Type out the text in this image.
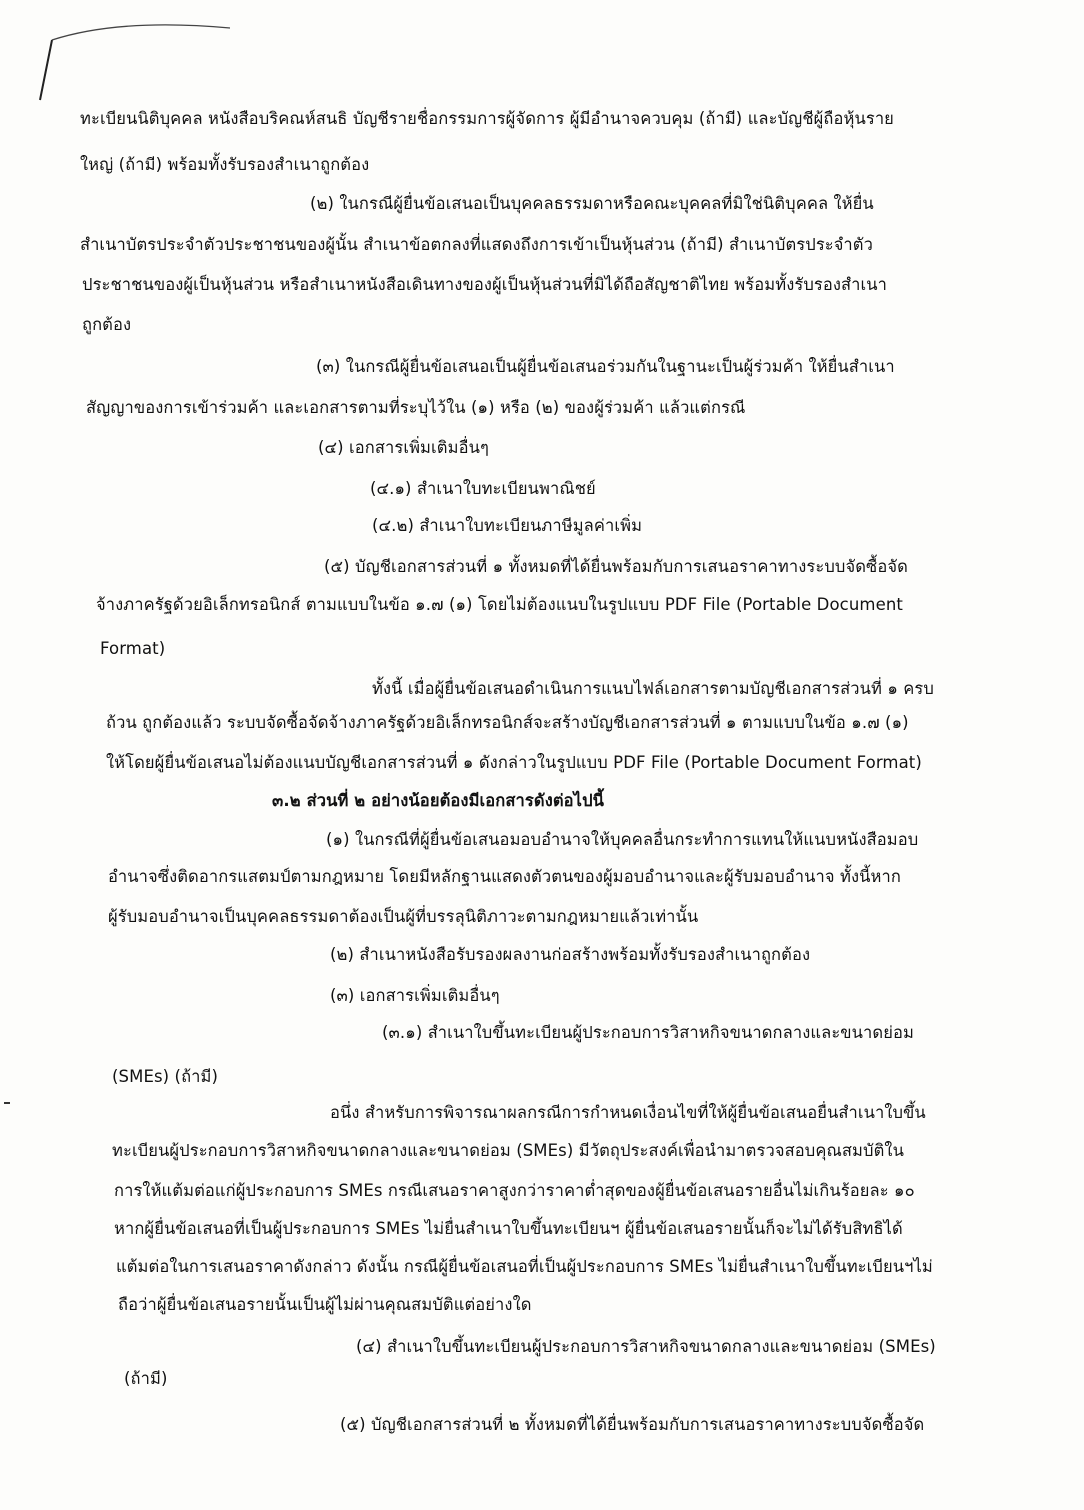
ทะเบียนนิติบุคคล หนังสือบริคณห์สนธิ บัญชีรายชื่อกรรมการผู้จัดการ ผู้มีอำนาจควบคุม (ถ้ามี) และบัญชีผู้ถือหุ้นราย
ใหญ่ (ถ้ามี) พร้อมทั้งรับรองสำเนาถูกต้อง
(๒) ในกรณีผู้ยื่นข้อเสนอเป็นบุคคลธรรมดาหรือคณะบุคคลที่มิใช่นิติบุคคล ให้ยื่น
สำเนาบัตรประจำตัวประชาชนของผู้นั้น สำเนาข้อตกลงที่แสดงถึงการเข้าเป็นหุ้นส่วน (ถ้ามี) สำเนาบัตรประจำตัว
ประชาชนของผู้เป็นหุ้นส่วน หรือสำเนาหนังสือเดินทางของผู้เป็นหุ้นส่วนที่มิได้ถือสัญชาติไทย พร้อมทั้งรับรองสำเนา
ถูกต้อง
(๓) ในกรณีผู้ยื่นข้อเสนอเป็นผู้ยื่นข้อเสนอร่วมกันในฐานะเป็นผู้ร่วมค้า ให้ยื่นสำเนา
สัญญาของการเข้าร่วมค้า และเอกสารตามที่ระบุไว้ใน (๑) หรือ (๒) ของผู้ร่วมค้า แล้วแต่กรณี
(๔) เอกสารเพิ่มเติมอื่นๆ
(๔.๑) สำเนาใบทะเบียนพาณิชย์
(๔.๒) สำเนาใบทะเบียนภาษีมูลค่าเพิ่ม
(๕) บัญชีเอกสารส่วนที่ ๑ ทั้งหมดที่ได้ยื่นพร้อมกับการเสนอราคาทางระบบจัดซื้อจัด
จ้างภาครัฐด้วยอิเล็กทรอนิกส์ ตามแบบในข้อ ๑.๗ (๑) โดยไม่ต้องแนบในรูปแบบ PDF File (Portable Document
Format)
ทั้งนี้ เมื่อผู้ยื่นข้อเสนอดำเนินการแนบไฟล์เอกสารตามบัญชีเอกสารส่วนที่ ๑ ครบ
ถ้วน ถูกต้องแล้ว ระบบจัดซื้อจัดจ้างภาครัฐด้วยอิเล็กทรอนิกส์จะสร้างบัญชีเอกสารส่วนที่ ๑ ตามแบบในข้อ ๑.๗ (๑)
ให้โดยผู้ยื่นข้อเสนอไม่ต้องแนบบัญชีเอกสารส่วนที่ ๑ ดังกล่าวในรูปแบบ PDF File (Portable Document Format)
๓.๒ ส่วนที่ ๒ อย่างน้อยต้องมีเอกสารดังต่อไปนี้
(๑) ในกรณีที่ผู้ยื่นข้อเสนอมอบอำนาจให้บุคคลอื่นกระทำการแทนให้แนบหนังสือมอบ
อำนาจซึ่งติดอากรแสตมป์ตามกฎหมาย โดยมีหลักฐานแสดงตัวตนของผู้มอบอำนาจและผู้รับมอบอำนาจ ทั้งนี้หาก
ผู้รับมอบอำนาจเป็นบุคคลธรรมดาต้องเป็นผู้ที่บรรลุนิติภาวะตามกฎหมายแล้วเท่านั้น
(๒) สำเนาหนังสือรับรองผลงานก่อสร้างพร้อมทั้งรับรองสำเนาถูกต้อง
(๓) เอกสารเพิ่มเติมอื่นๆ
(๓.๑) สำเนาใบขึ้นทะเบียนผู้ประกอบการวิสาหกิจขนาดกลางและขนาดย่อม
(SMEs) (ถ้ามี)
อนึ่ง สำหรับการพิจารณาผลกรณีการกำหนดเงื่อนไขที่ให้ผู้ยื่นข้อเสนอยื่นสำเนาใบขึ้น
ทะเบียนผู้ประกอบการวิสาหกิจขนาดกลางและขนาดย่อม (SMEs) มีวัตถุประสงค์เพื่อนำมาตรวจสอบคุณสมบัติใน
การให้แต้มต่อแก่ผู้ประกอบการ SMEs กรณีเสนอราคาสูงกว่าราคาต่ำสุดของผู้ยื่นข้อเสนอรายอื่นไม่เกินร้อยละ ๑๐
หากผู้ยื่นข้อเสนอที่เป็นผู้ประกอบการ SMEs ไม่ยื่นสำเนาใบขึ้นทะเบียนฯ ผู้ยื่นข้อเสนอรายนั้นก็จะไม่ได้รับสิทธิได้
แต้มต่อในการเสนอราคาดังกล่าว ดังนั้น กรณีผู้ยื่นข้อเสนอที่เป็นผู้ประกอบการ SMEs ไม่ยื่นสำเนาใบขึ้นทะเบียนฯไม่
ถือว่าผู้ยื่นข้อเสนอรายนั้นเป็นผู้ไม่ผ่านคุณสมบัติแต่อย่างใด
(๔) สำเนาใบขึ้นทะเบียนผู้ประกอบการวิสาหกิจขนาดกลางและขนาดย่อม (SMEs)
(ถ้ามี)
(๕) บัญชีเอกสารส่วนที่ ๒ ทั้งหมดที่ได้ยื่นพร้อมกับการเสนอราคาทางระบบจัดซื้อจัด
